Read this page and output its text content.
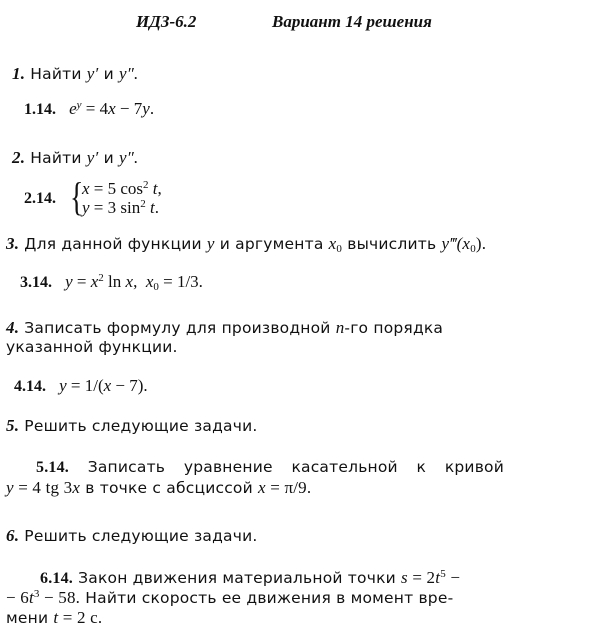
ИДЗ-6.2	Вариант 14 решения
1. Найти y′ и y″.
1.14. $e^y = 4x - 7y$.
2. Найти y′ и y″.
2.14. {
x = 5 $\cos^2 t$,
y = 3 $\sin^2 t$.
3. Для данной функции y и аргумента $x_0$ вычислить $y‴(x_0)$.
3.14. $y = x^2$ ln x,  $x_0 = 1/3$.
4. Записать формулу для производной n-го порядка
указанной функции.
4.14. y = 1/(x − 7).
5. Решить следующие задачи.
5.14. Записать уравнение касательной к кривой
y = 4 tg 3x в точке с абсциссой x = π/9.
6. Решить следующие задачи.
6.14. Закон движения материальной точки $s = 2t^5$ −
− $6t^3 - 58$. Найти скорость ее движения в момент вре-
мени t = 2 с.
